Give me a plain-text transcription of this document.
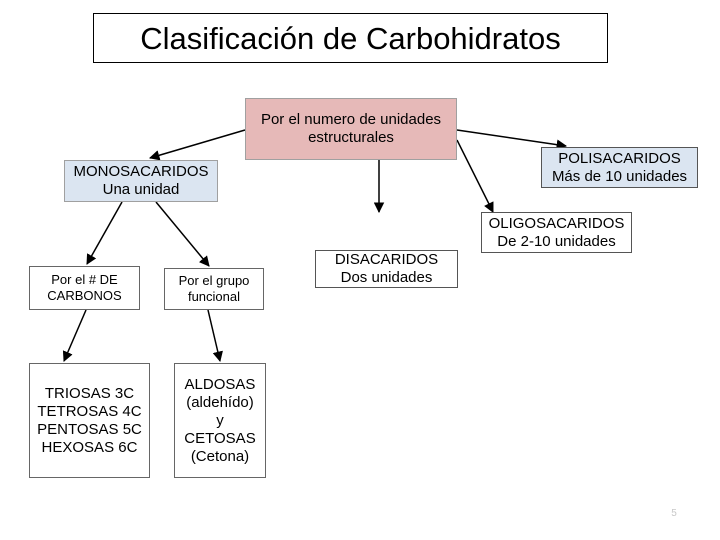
Clasificación de Carbohidratos
Por el numero de unidades
estructurales
MONOSACARIDOS
Una unidad
POLISACARIDOS
Más de 10 unidades
OLIGOSACARIDOS
De 2-10 unidades
DISACARIDOS
Dos unidades
Por el # DE
CARBONOS
Por el grupo
funcional
TRIOSAS 3C
TETROSAS 4C
PENTOSAS 5C
HEXOSAS 6C
ALDOSAS
(aldehído)
y
CETOSAS
(Cetona)
5
